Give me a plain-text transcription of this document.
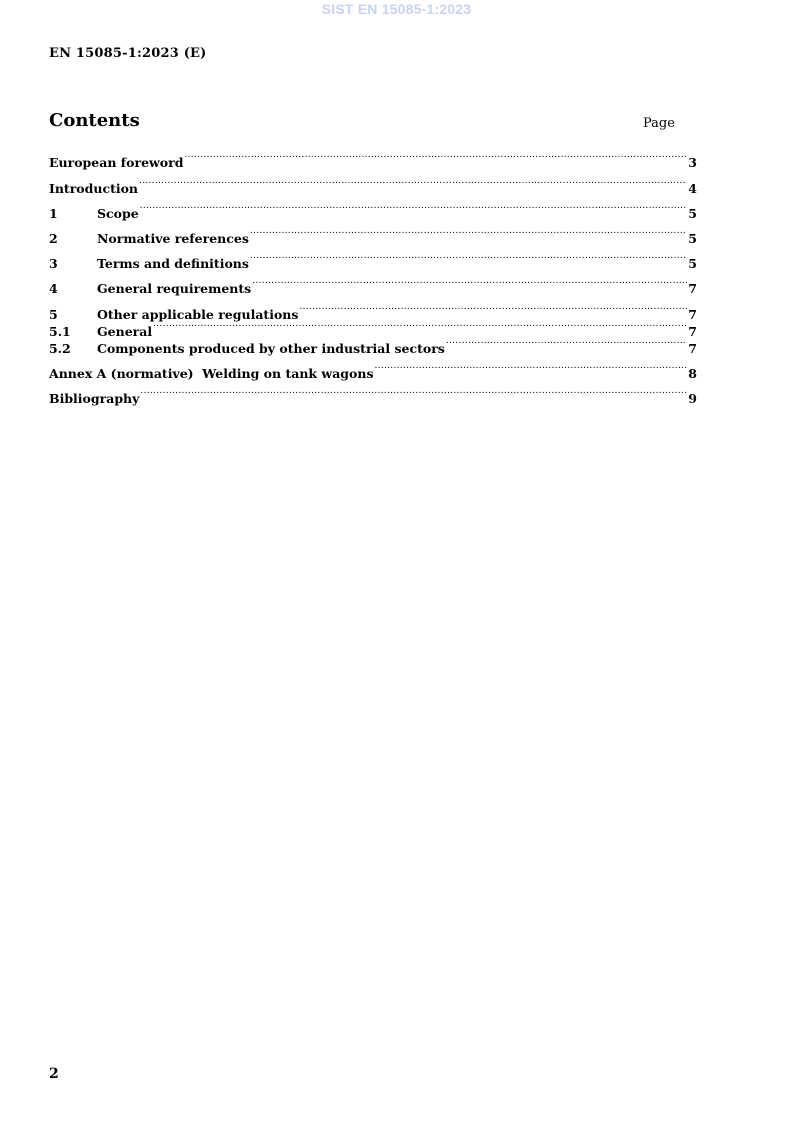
SIST EN 15085-1:2023
EN 15085-1:2023 (E)
Contents	Page
European foreword .....	3
Introduction .....	4
1	Scope .....	5
2	Normative references .....	5
3	Terms and definitions .....	5
4	General requirements .....	7
5	Other applicable regulations .....	7
5.1	General .....	7
5.2	Components produced by other industrial sectors .....	7
Annex A (normative)  Welding on tank wagons .....	8
Bibliography .....	9
2
